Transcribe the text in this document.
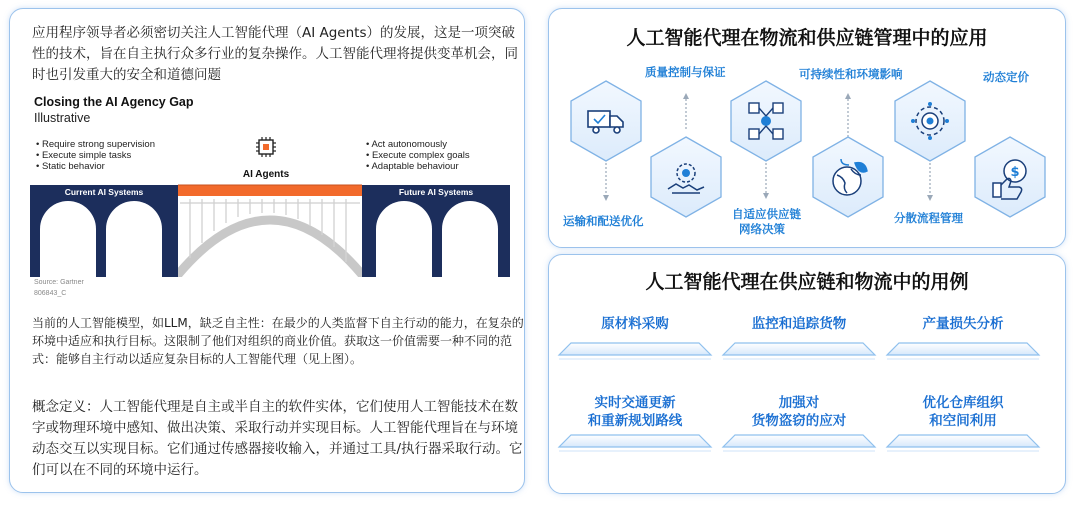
应用程序领导者必须密切关注人工智能代理（AI Agents）的发展，这是一项突破性的技术，旨在自主执行众多行业的复杂操作。人工智能代理将提供变革机会，同时也引发重大的安全和道德问题
Closing the AI Agency Gap
Illustrative
• Require strong supervision
• Execute simple tasks
• Static behavior
• Act autonomously
• Execute complex goals
• Adaptable behaviour
AI Agents
Current AI Systems	Future AI Systems
Source: Gartner
806843_C
当前的人工智能模型，如LLM，缺乏自主性：在最少的人类监督下自主行动的能力，在复杂的环境中适应和执行目标。这限制了他们对组织的商业价值。获取这一价值需要一种不同的范式：能够自主行动以适应复杂目标的人工智能代理（见上图）。
概念定义：人工智能代理是自主或半自主的软件实体，它们使用人工智能技术在数字或物理环境中感知、做出决策、采取行动并实现目标。人工智能代理旨在与环境动态交互以实现目标。它们通过传感器接收输入，并通过工具/执行器采取行动。它们可以在不同的环境中运行。
人工智能代理在物流和供应链管理中的应用
$
质量控制与保证	可持续性和环境影响	动态定价
运输和配送优化	自适应供应链
网络决策
分散流程管理
人工智能代理在供应链和物流中的用例
原材料采购	监控和追踪货物	产量损失分析
实时交通更新
和重新规划路线
加强对
货物盗窃的应对
优化仓库组织
和空间利用
